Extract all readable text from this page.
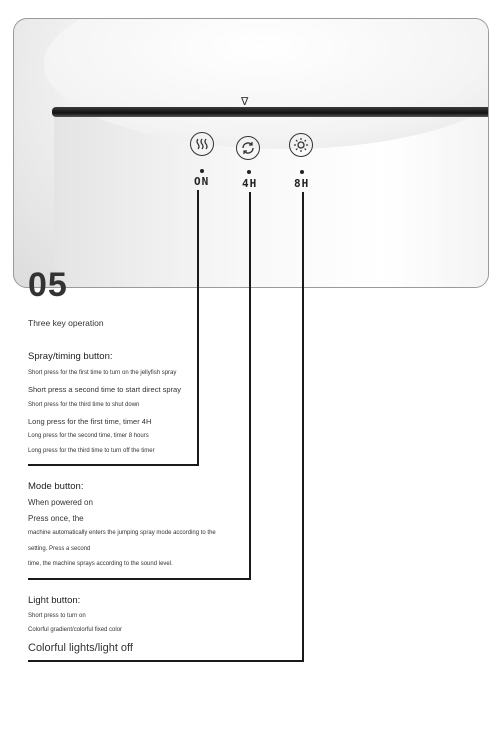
∇
ON	4H	8H
05
Three key operation
Spray/timing button:
Short press for the first time to turn on the jellyfish spray
Short press a second time to start direct spray
Short press for the third time to shut down
Long press for the first time, timer 4H
Long press for the second time, timer 8 hours
Long press for the third time to turn off the timer
Mode button:
When powered on
Press once, the
machine automatically enters the jumping spray mode according to the
setting. Press a second
time, the machine sprays according to the sound level.
Light button:
Short press to turn on
Colorful gradient/colorful fixed color
Colorful lights/light off
